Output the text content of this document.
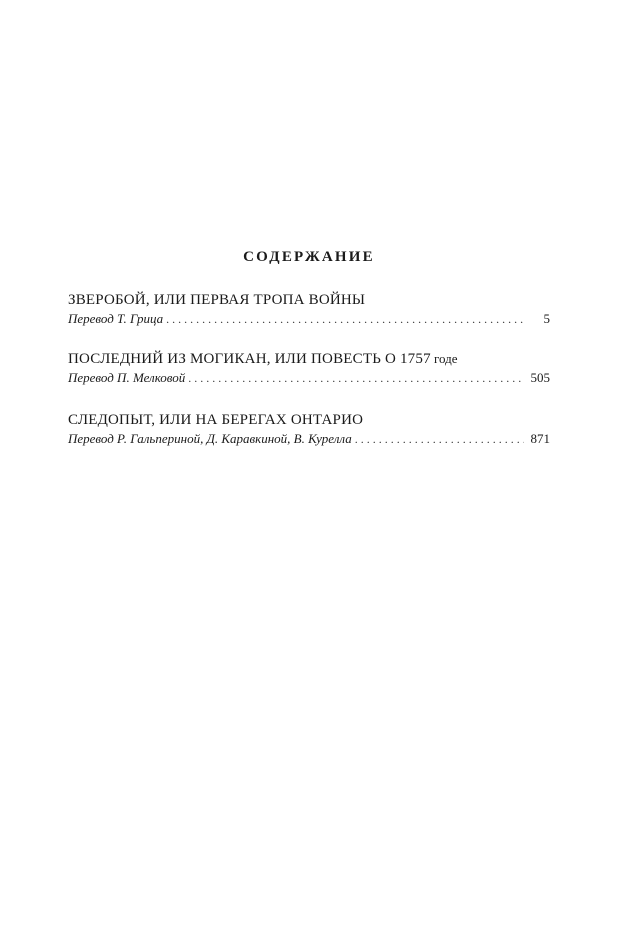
СОДЕРЖАНИЕ
ЗВЕРОБОЙ, ИЛИ ПЕРВАЯ ТРОПА ВОЙНЫ
Перевод Т. Грица . . .	5
ПОСЛЕДНИЙ ИЗ МОГИКАН, ИЛИ ПОВЕСТЬ О 1757 годе
Перевод П. Мелковой . . .	505
СЛЕДОПЫТ, ИЛИ НА БЕРЕГАХ ОНТАРИО
Перевод Р. Гальпериной, Д. Каравкиной, В. Курелла . . .	871
